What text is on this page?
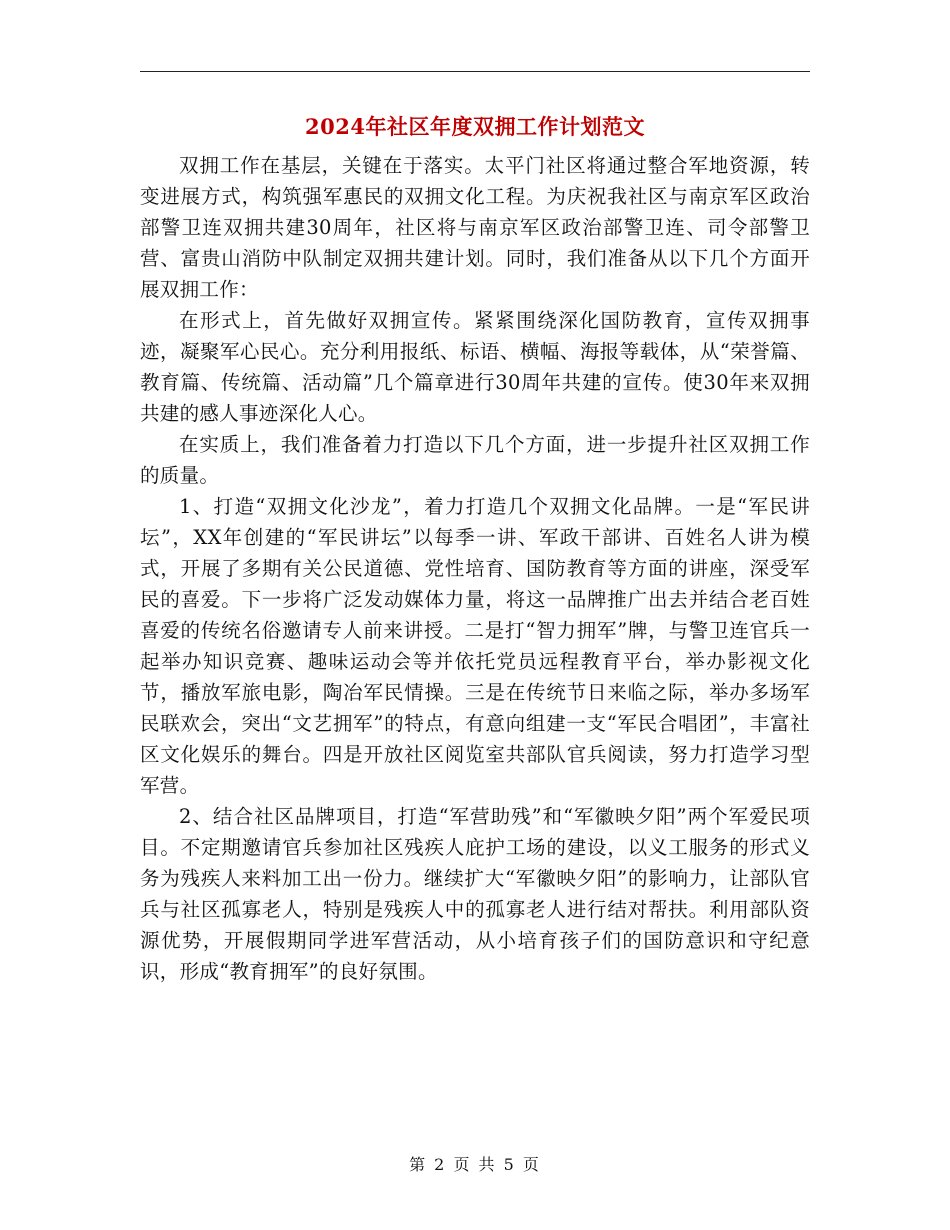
2024年社区年度双拥工作计划范文

双拥工作在基层，关键在于落实。太平门社区将通过整合军地资源，转变进展方式，构筑强军惠民的双拥文化工程。为庆祝我社区与南京军区政治部警卫连双拥共建30周年，社区将与南京军区政治部警卫连、司令部警卫营、富贵山消防中队制定双拥共建计划。同时，我们准备从以下几个方面开展双拥工作：

在形式上，首先做好双拥宣传。紧紧围绕深化国防教育，宣传双拥事迹，凝聚军心民心。充分利用报纸、标语、横幅、海报等载体，从“荣誉篇、教育篇、传统篇、活动篇”几个篇章进行30周年共建的宣传。使30年来双拥共建的感人事迹深化人心。

在实质上，我们准备着力打造以下几个方面，进一步提升社区双拥工作的质量。

1、打造“双拥文化沙龙”，着力打造几个双拥文化品牌。一是“军民讲坛”，XX年创建的“军民讲坛”以每季一讲、军政干部讲、百姓名人讲为模式，开展了多期有关公民道德、党性培育、国防教育等方面的讲座，深受军民的喜爱。下一步将广泛发动媒体力量，将这一品牌推广出去并结合老百姓喜爱的传统名俗邀请专人前来讲授。二是打“智力拥军”牌，与警卫连官兵一起举办知识竞赛、趣味运动会等并依托党员远程教育平台，举办影视文化节，播放军旅电影，陶冶军民情操。三是在传统节日来临之际，举办多场军民联欢会，突出“文艺拥军”的特点，有意向组建一支“军民合唱团”，丰富社区文化娱乐的舞台。四是开放社区阅览室共部队官兵阅读，努力打造学习型军营。

2、结合社区品牌项目，打造“军营助残”和“军徽映夕阳”两个军爱民项目。不定期邀请官兵参加社区残疾人庇护工场的建设，以义工服务的形式义务为残疾人来料加工出一份力。继续扩大“军徽映夕阳”的影响力，让部队官兵与社区孤寡老人，特别是残疾人中的孤寡老人进行结对帮扶。利用部队资源优势，开展假期同学进军营活动，从小培育孩子们的国防意识和守纪意识，形成“教育拥军”的良好氛围。

第 2 页 共 5 页
